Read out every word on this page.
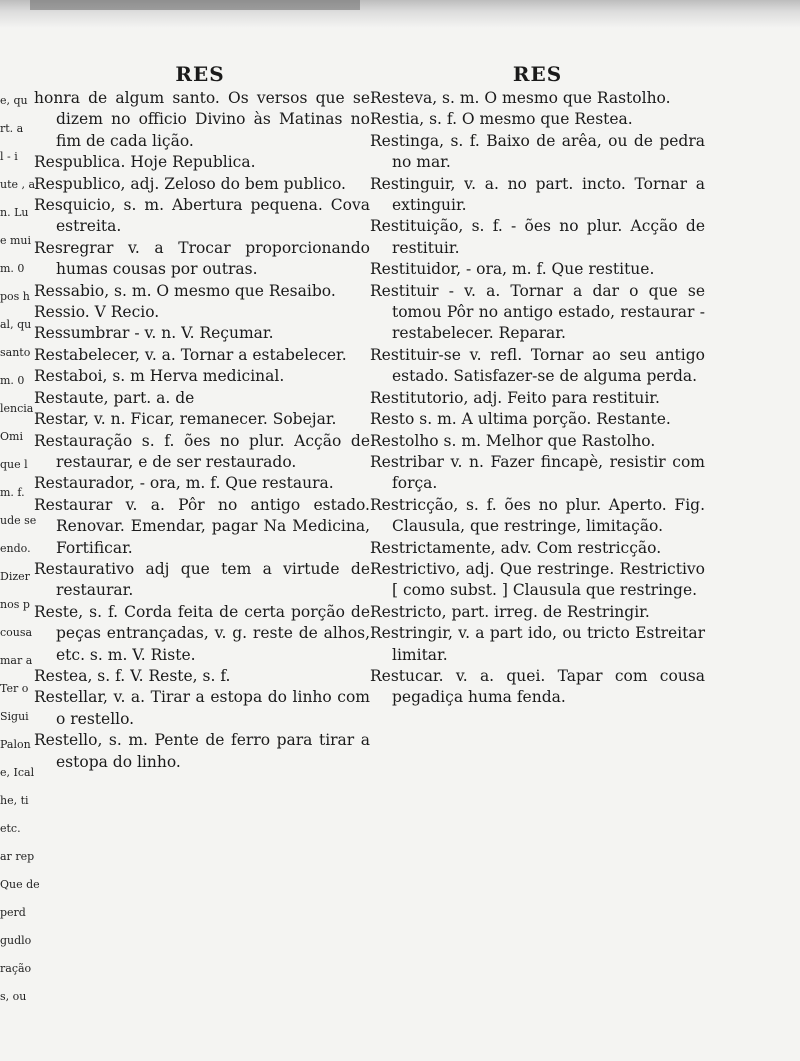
e, qu
rt. a
l - i
ute , a
n. Lu
e mui
m. 0
pos h
al, qu
santo
m. 0
lencia
Omi
que l
m. f.
ude se
endo.
Dizer
nos p
cousa
mar a
Ter o
Sigui
Palon
e, Ical
he, ti
etc.
ar rep
Que de
perd
gudlo
ração
s, ou
RES
honra de algum santo. Os versos que se dizem no officio Divino às Matinas no fim de cada lição.
Respublica. Hoje Republica.
Respublico, adj. Zeloso do bem publico.
Resquicio, s. m. Abertura pequena. Cova estreita.
Resregrar v. a Trocar proporcionando humas cousas por outras.
Ressabio, s. m. O mesmo que Resaibo.
Ressio. V Recio.
Ressumbrar - v. n. V. Reçumar.
Restabelecer, v. a. Tornar a estabelecer.
Restaboi, s. m Herva medicinal.
Restaute, part. a. de
Restar, v. n. Ficar, remanecer. Sobejar.
Restauração s. f. ões no plur. Acção de restaurar, e de ser restaurado.
Restaurador, - ora, m. f. Que restaura.
Restaurar v. a. Pôr no antigo estado. Renovar. Emendar, pagar Na Medicina, Fortificar.
Restaurativo adj que tem a virtude de restaurar.
Reste, s. f. Corda feita de certa porção de peças entrançadas, v. g. reste de alhos, etc. s. m. V. Riste.
Restea, s. f. V. Reste, s. f.
Restellar, v. a. Tirar a estopa do linho com o restello.
Restello, s. m. Pente de ferro para tirar a estopa do linho.
RES
Resteva, s. m. O mesmo que Rastolho.
Restia, s. f. O mesmo que Restea.
Restinga, s. f. Baixo de arêa, ou de pedra no mar.
Restinguir, v. a. no part. incto. Tornar a extinguir.
Restituição, s. f. - ões no plur. Acção de restituir.
Restituidor, - ora, m. f. Que restitue.
Restituir - v. a. Tornar a dar o que se tomou Pôr no antigo estado, restaurar - restabelecer. Reparar.
Restituir-se v. refl. Tornar ao seu antigo estado. Satisfazer-se de alguma perda.
Restitutorio, adj. Feito para restituir.
Resto s. m. A ultima porção. Restante.
Restolho s. m. Melhor que Rastolho.
Restribar v. n. Fazer fincapè, resistir com força.
Restricção, s. f. ões no plur. Aperto. Fig. Clausula, que restringe, limitação.
Restrictamente, adv. Com restricção.
Restrictivo, adj. Que restringe. Restrictivo [ como subst. ] Clausula que restringe.
Restricto, part. irreg. de Restringir.
Restringir, v. a part ido, ou tricto Estreitar limitar.
Restucar. v. a. quei. Tapar com cousa pegadiça huma fenda.
